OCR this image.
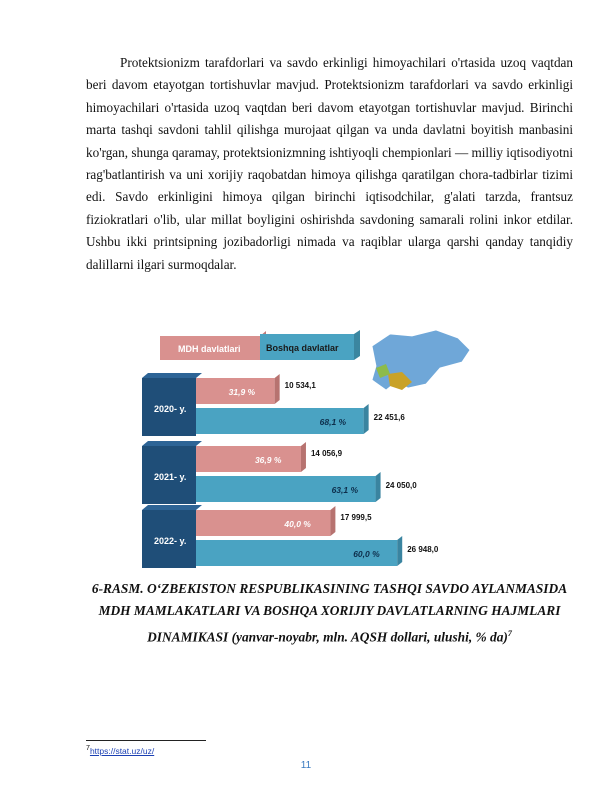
Protektsionizm tarafdorlari va savdo erkinligi himoyachilari o'rtasida uzoq vaqtdan beri davom etayotgan tortishuvlar mavjud. Protektsionizm tarafdorlari va savdo erkinligi himoyachilari o'rtasida uzoq vaqtdan beri davom etayotgan tortishuvlar mavjud. Birinchi marta tashqi savdoni tahlil qilishga murojaat qilgan va unda davlatni boyitish manbasini ko'rgan, shunga qaramay, protektsionizmning ishtiyoqli chempionlari — milliy iqtisodiyotni rag'batlantirish va uni xorijiy raqobatdan himoya qilishga qaratilgan chora-tadbirlar tizimi edi. Savdo erkinligini himoya qilgan birinchi iqtisodchilar, g'alati tarzda, frantsuz fiziokratlari o'lib, ular millat boyligini oshirishda savdoning samarali rolini inkor etdilar. Ushbu ikki printsipning jozibadorligi nimada va raqiblar ularga qarshi qanday tanqidiy dalillarni ilgari surmoqdalar.

MDH davlatlari	Boshqa davlatlar
2020- y.
31,9 %
10 534,1
68,1 %	22 451,6
2021- y.
36,9 %
14 056,9
63,1 %	24 050,0
2022- y.
40,0 %
17 999,5
60,0 %	26 948,0
6-RASM. O‘ZBEKISTON RESPUBLIKASINING TASHQI SAVDO AYLANMASIDA MDH MAMLAKATLARI VA BOSHQA XORIJIY DAVLATLARNING HAJMLARI DINAMIKASI (yanvar-noyabr, mln. AQSH dollari, ulushi, % da)$^7$
$^7$https://stat.uz/uz/
11
